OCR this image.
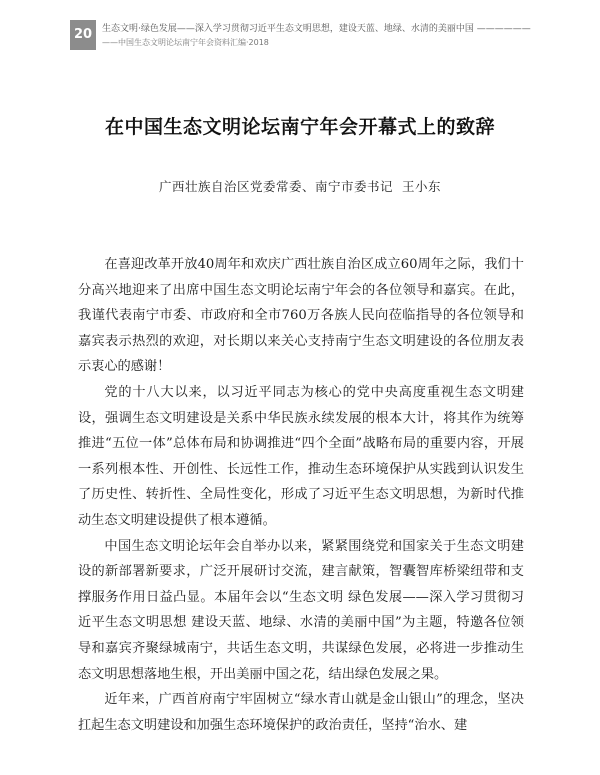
20	生态文明·绿色发展——深入学习贯彻习近平生态文明思想，建设天蓝、地绿、水清的美丽中国 ——————
——中国生态文明论坛南宁年会资料汇编·2018
在中国生态文明论坛南宁年会开幕式上的致辞
广西壮族自治区党委常委、南宁市委书记  王小东

在喜迎改革开放40周年和欢庆广西壮族自治区成立60周年之际，我们十分高兴地迎来了出席中国生态文明论坛南宁年会的各位领导和嘉宾。在此，我谨代表南宁市委、市政府和全市760万各族人民向莅临指导的各位领导和嘉宾表示热烈的欢迎，对长期以来关心支持南宁生态文明建设的各位朋友表示衷心的感谢！

党的十八大以来，以习近平同志为核心的党中央高度重视生态文明建设，强调生态文明建设是关系中华民族永续发展的根本大计，将其作为统筹推进“五位一体”总体布局和协调推进“四个全面”战略布局的重要内容，开展一系列根本性、开创性、长远性工作，推动生态环境保护从实践到认识发生了历史性、转折性、全局性变化，形成了习近平生态文明思想，为新时代推动生态文明建设提供了根本遵循。

中国生态文明论坛年会自举办以来，紧紧围绕党和国家关于生态文明建设的新部署新要求，广泛开展研讨交流，建言献策，智囊智库桥梁纽带和支撑服务作用日益凸显。本届年会以“生态文明 绿色发展——深入学习贯彻习近平生态文明思想 建设天蓝、地绿、水清的美丽中国”为主题，特邀各位领导和嘉宾齐聚绿城南宁，共话生态文明，共谋绿色发展，必将进一步推动生态文明思想落地生根，开出美丽中国之花，结出绿色发展之果。

近年来，广西首府南宁牢固树立“绿水青山就是金山银山”的理念，坚决扛起生态文明建设和加强生态环境保护的政治责任，坚持“治水、建
